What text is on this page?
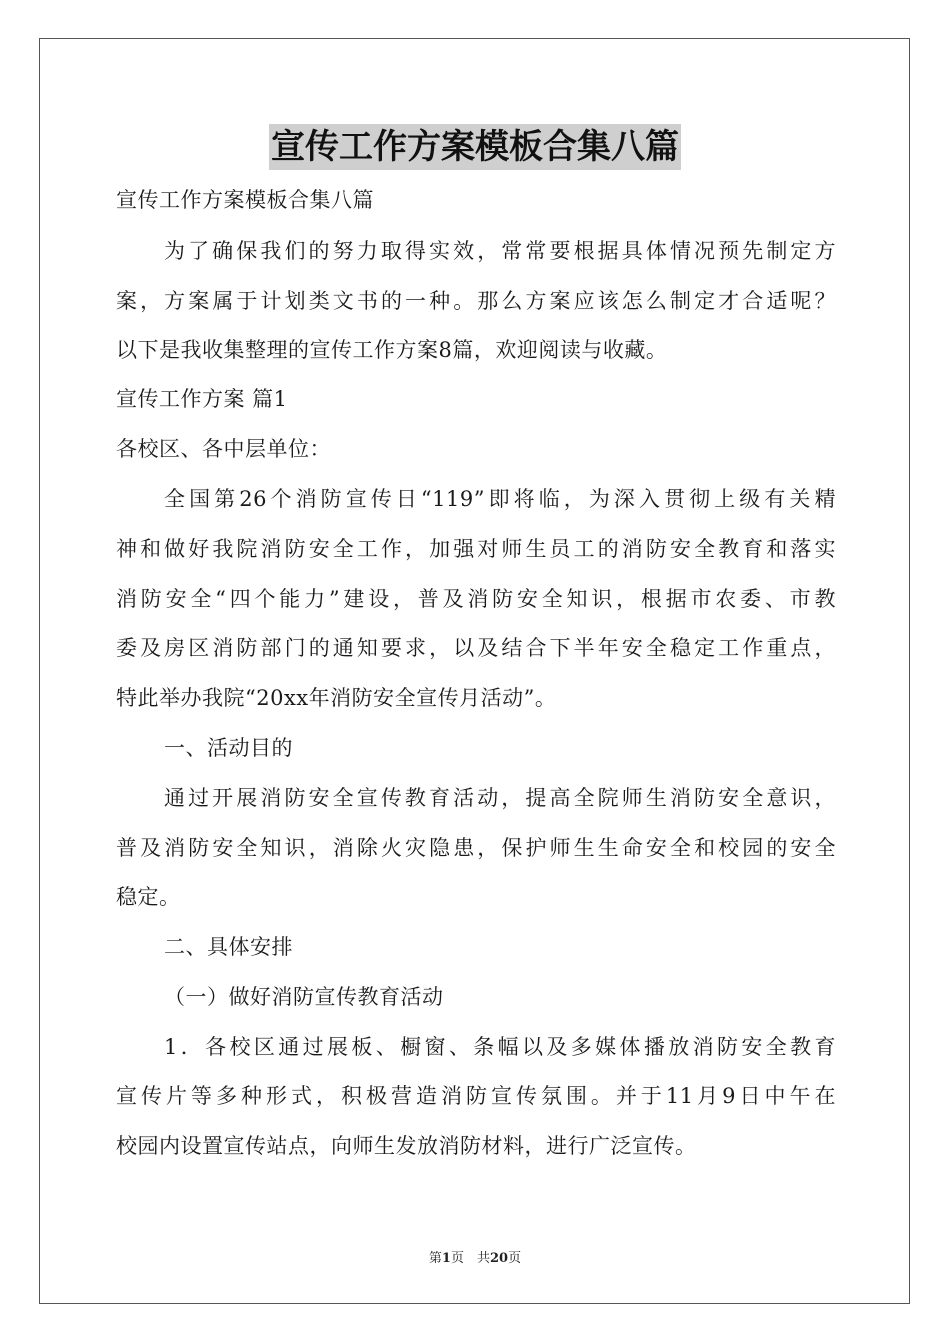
宣传工作方案模板合集八篇
宣传工作方案模板合集八篇
为了确保我们的努力取得实效，常常要根据具体情况预先制定方
案，方案属于计划类文书的一种。那么方案应该怎么制定才合适呢？
以下是我收集整理的宣传工作方案8篇，欢迎阅读与收藏。
宣传工作方案 篇1
各校区、各中层单位：
全国第26个消防宣传日“119”即将临，为深入贯彻上级有关精
神和做好我院消防安全工作，加强对师生员工的消防安全教育和落实
消防安全“四个能力”建设，普及消防安全知识，根据市农委、市教
委及房区消防部门的通知要求，以及结合下半年安全稳定工作重点，
特此举办我院“20xx年消防安全宣传月活动”。
一、活动目的
通过开展消防安全宣传教育活动，提高全院师生消防安全意识，
普及消防安全知识，消除火灾隐患，保护师生生命安全和校园的安全
稳定。
二、具体安排
（一）做好消防宣传教育活动
1．各校区通过展板、橱窗、条幅以及多媒体播放消防安全教育
宣传片等多种形式，积极营造消防宣传氛围。并于11月9日中午在
校园内设置宣传站点，向师生发放消防材料，进行广泛宣传。
第1页　共20页
